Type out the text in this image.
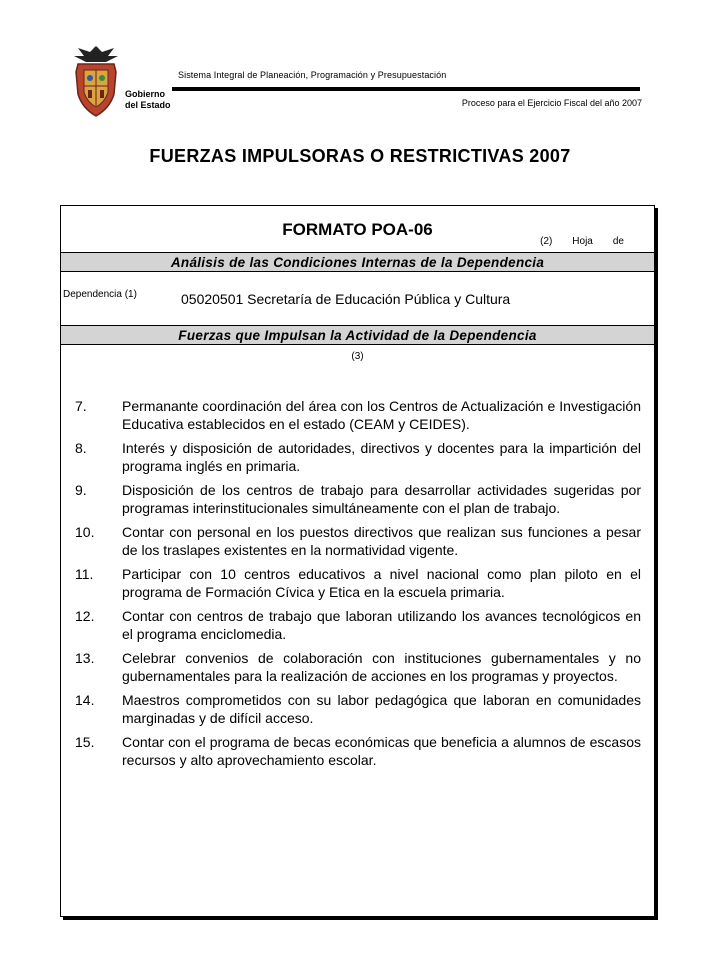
Gobierno
del Estado
Sistema Integral de Planeación, Programación y Presupuestación
Proceso para el Ejercicio Fiscal del año 2007
FUERZAS IMPULSORAS O RESTRICTIVAS 2007
FORMATO POA-06
(2) Hoja de
Análisis de las Condiciones Internas de la Dependencia
Dependencia (1)	05020501 Secretaría de Educación Pública y Cultura
Fuerzas que Impulsan la Actividad de la Dependencia
(3)
7.	Permanante coordinación del área con los Centros de Actualización e Investigación Educativa establecidos en el estado (CEAM y CEIDES).
8.	Interés y disposición de autoridades, directivos y docentes para la impartición del programa inglés en primaria.
9.	Disposición de los centros de trabajo para desarrollar actividades sugeridas por programas interinstitucionales simultáneamente con el plan de trabajo.
10.	Contar con personal en los puestos directivos que realizan sus funciones a pesar de los traslapes existentes en la normatividad vigente.
11.	Participar con 10 centros educativos a nivel nacional como plan piloto en el programa de Formación Cívica y Etica en la escuela primaria.
12.	Contar con centros de trabajo que laboran utilizando los avances tecnológicos en el programa enciclomedia.
13.	Celebrar convenios de colaboración con instituciones gubernamentales y no gubernamentales para la realización de acciones en los programas y proyectos.
14.	Maestros comprometidos con su labor pedagógica que laboran en comunidades marginadas y de difícil acceso.
15.	Contar con el programa de becas económicas que beneficia a alumnos de escasos recursos y alto aprovechamiento escolar.
